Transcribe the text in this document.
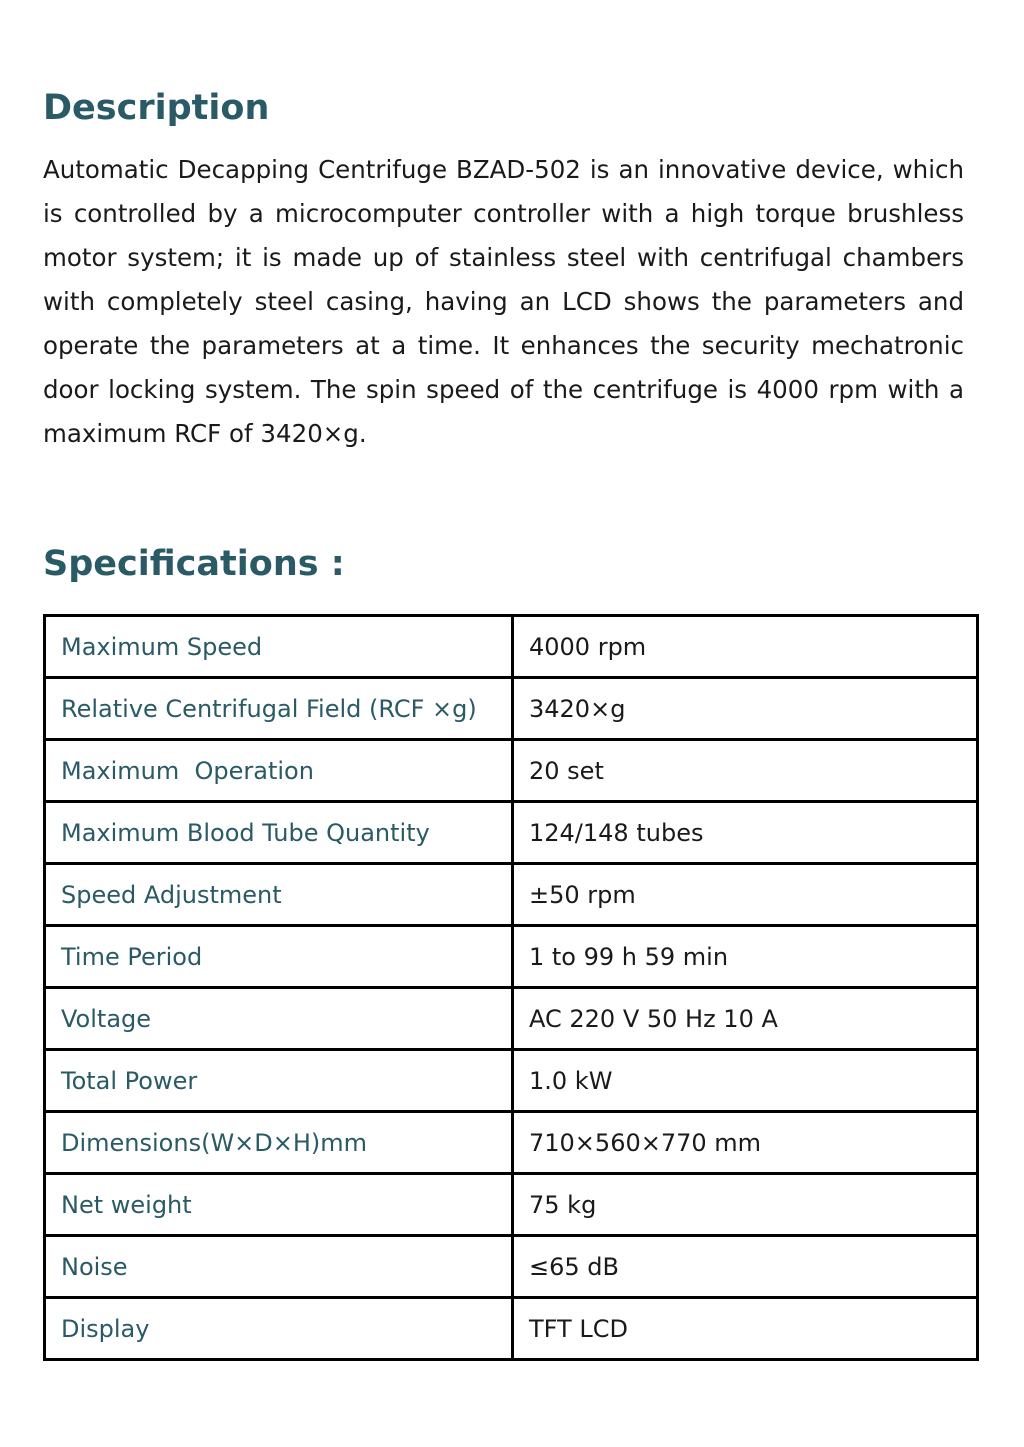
Description

Automatic Decapping Centrifuge BZAD-502 is an innovative device, which is controlled by a microcomputer controller with a high torque brushless motor system; it is made up of stainless steel with centrifugal chambers with completely steel casing, having an LCD shows the parameters and operate the parameters at a time. It enhances the security mechatronic door locking system. The spin speed of the centrifuge is 4000 rpm with a maximum RCF of 3420×g.

Specifications :
Maximum Speed	4000 rpm
Relative Centrifugal Field (RCF ×g)	3420×g
Maximum  Operation	20 set
Maximum Blood Tube Quantity	124/148 tubes
Speed Adjustment	±50 rpm
Time Period	1 to 99 h 59 min
Voltage	AC 220 V 50 Hz 10 A
Total Power	1.0 kW
Dimensions(W×D×H)mm	710×560×770 mm
Net weight	75 kg
Noise	≤65 dB
Display	TFT LCD
